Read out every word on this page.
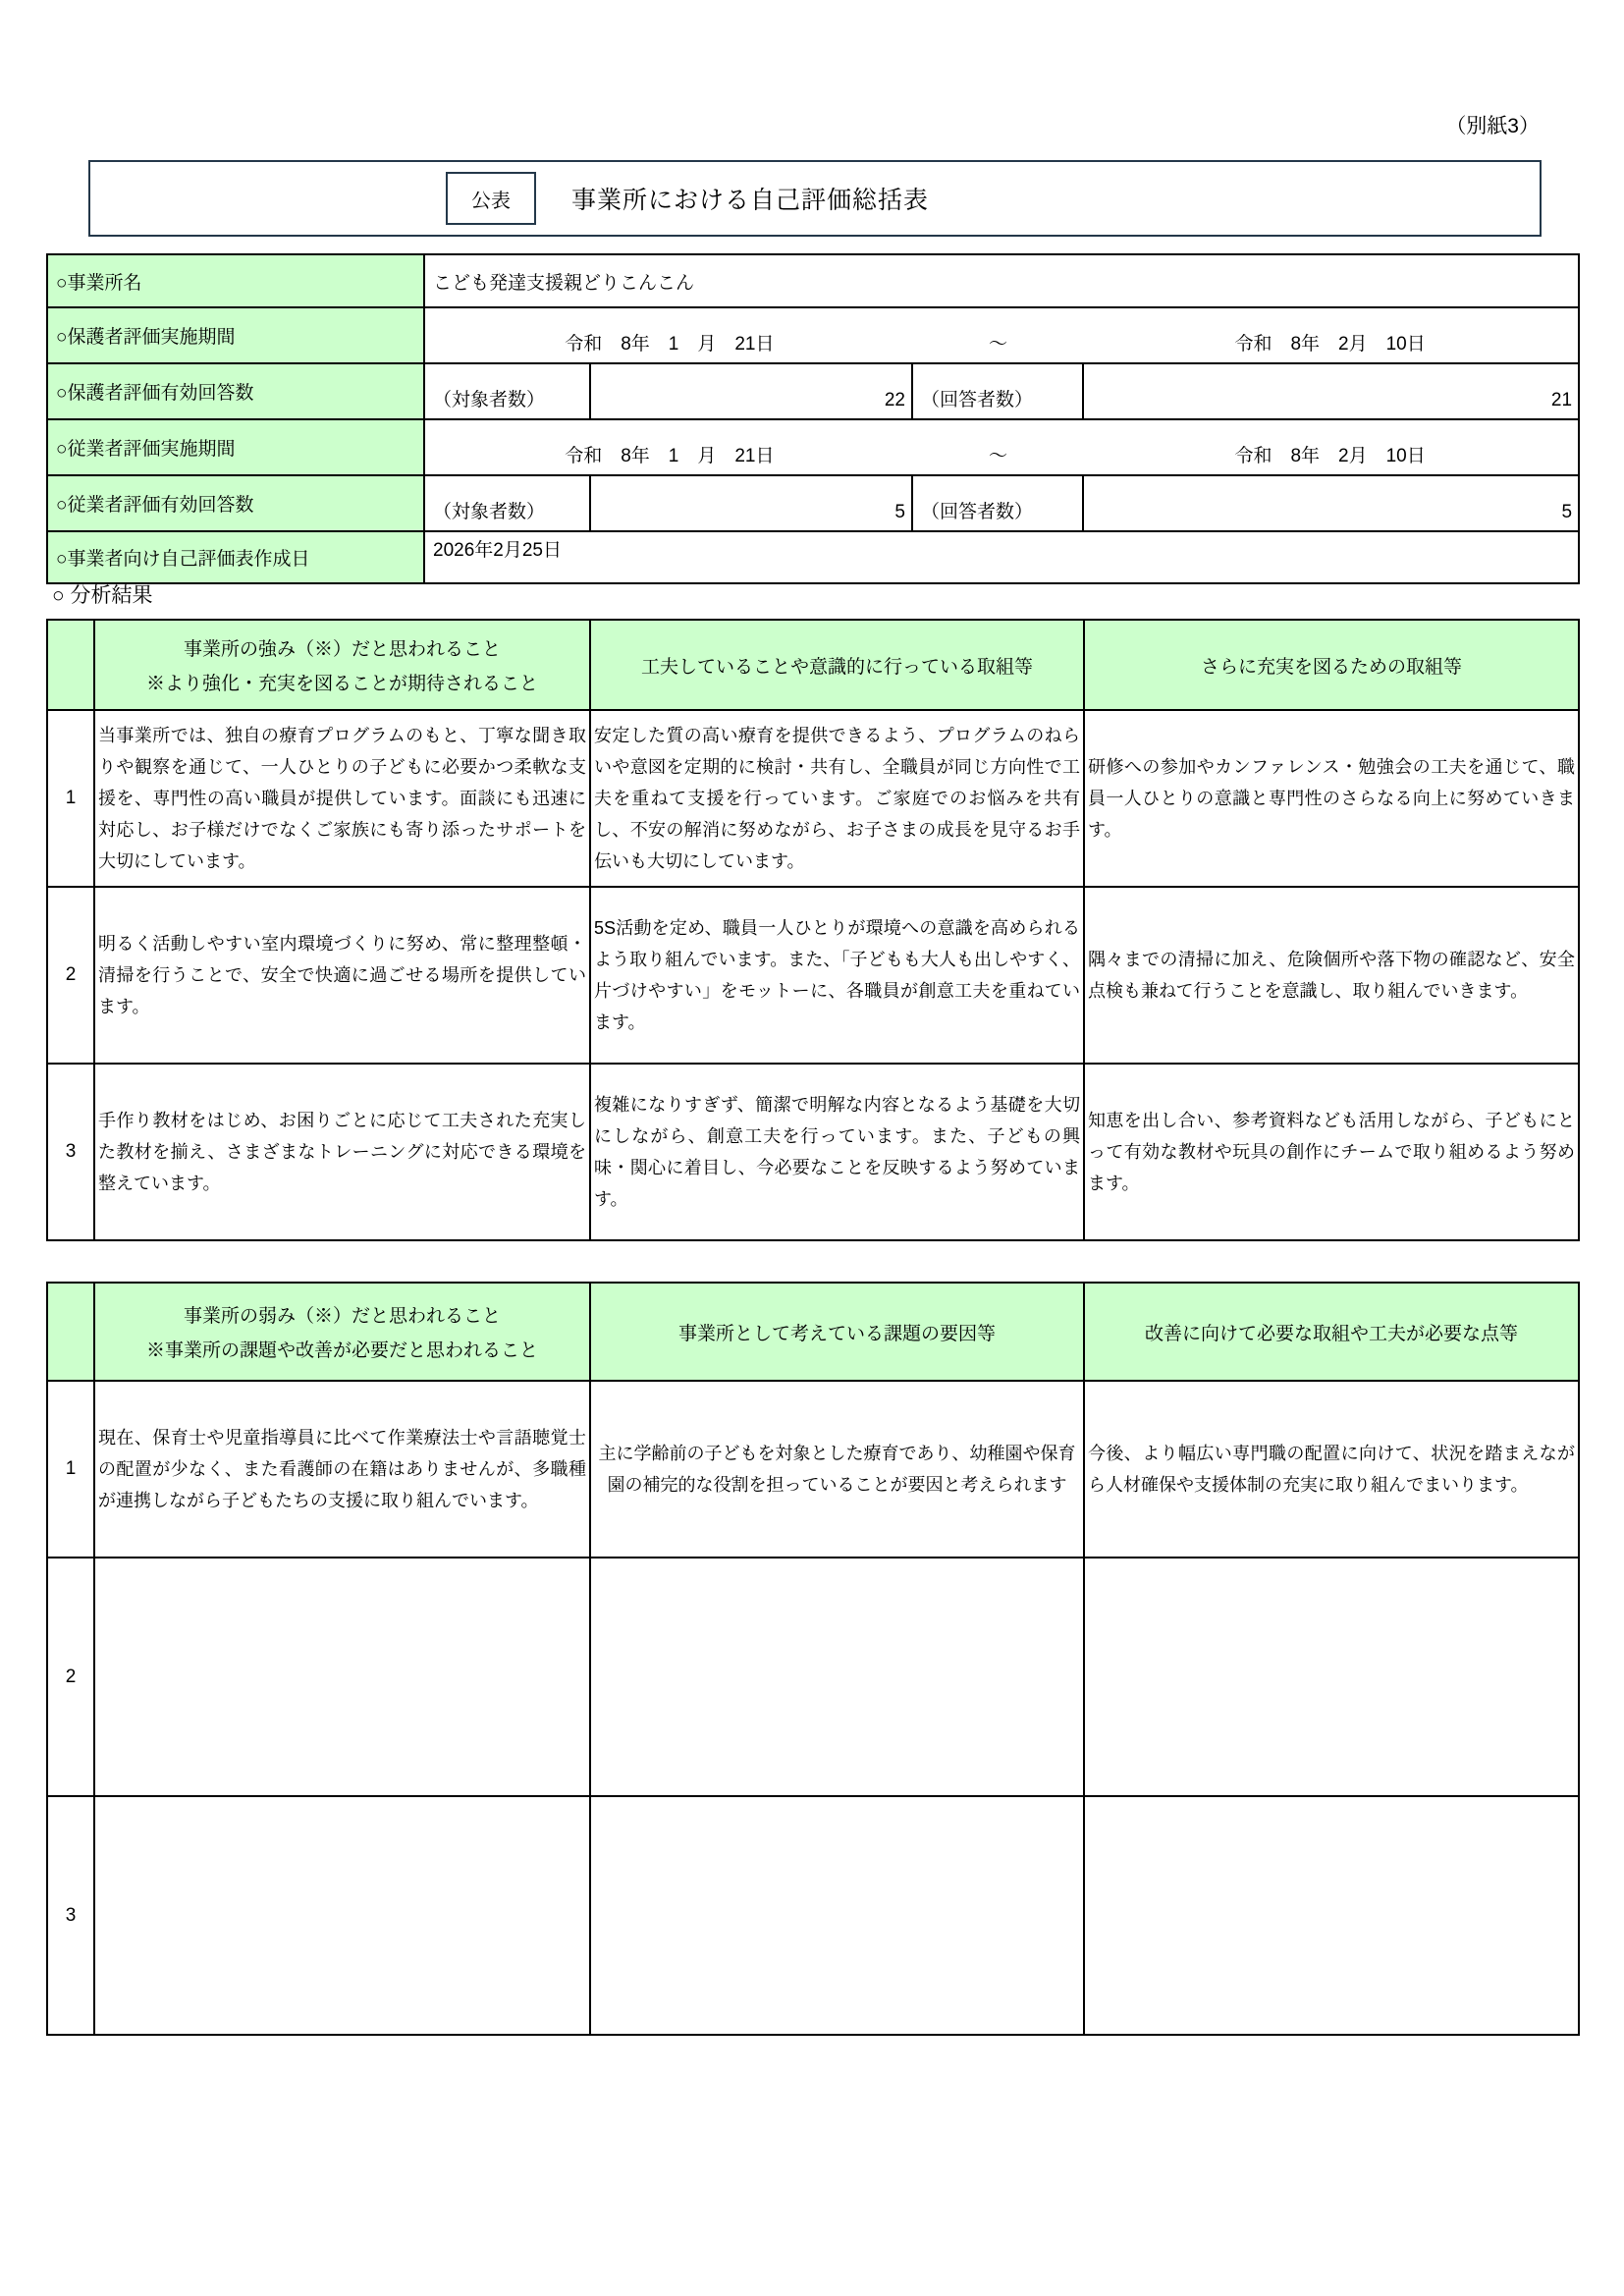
（別紙3）
公表	事業所における自己評価総括表
○事業所名	こども発達支援親どりこんこん			
○保護者評価実施期間	令和　8年　1　月　21日 ～ 令和　8年　2月　10日			

○保護者評価有効回答数	（対象者数）	22	（回答者数）	21
○従業者評価実施期間	令和　8年　1　月　21日 ～ 令和　8年　2月　10日			

○従業者評価有効回答数	（対象者数）	5	（回答者数）	5
○事業者向け自己評価表作成日	2026年2月25日			
○ 分析結果

	事業所の強み（※）だと思われること
※より強化・充実を図ることが期待されること	工夫していることや意識的に行っている取組等	さらに充実を図るための取組等
1	当事業所では、独自の療育プログラムのもと、丁寧な聞き取りや観察を通じて、一人ひとりの子どもに必要かつ柔軟な支援を、専門性の高い職員が提供しています。面談にも迅速に対応し、お子様だけでなくご家族にも寄り添ったサポートを大切にしています。	安定した質の高い療育を提供できるよう、プログラムのねらいや意図を定期的に検討・共有し、全職員が同じ方向性で工夫を重ねて支援を行っています。ご家庭でのお悩みを共有し、不安の解消に努めながら、お子さまの成長を見守るお手伝いも大切にしています。	研修への参加やカンファレンス・勉強会の工夫を通じて、職員一人ひとりの意識と専門性のさらなる向上に努めていきます。
2	明るく活動しやすい室内環境づくりに努め、常に整理整頓・清掃を行うことで、安全で快適に過ごせる場所を提供しています。	5S活動を定め、職員一人ひとりが環境への意識を高められるよう取り組んでいます。また、「子どもも大人も出しやすく、片づけやすい」をモットーに、各職員が創意工夫を重ねています。	隅々までの清掃に加え、危険個所や落下物の確認など、安全点検も兼ねて行うことを意識し、取り組んでいきます。
3	手作り教材をはじめ、お困りごとに応じて工夫された充実した教材を揃え、さまざまなトレーニングに対応できる環境を整えています。	複雑になりすぎず、簡潔で明解な内容となるよう基礎を大切にしながら、創意工夫を行っています。また、子どもの興味・関心に着目し、今必要なことを反映するよう努めています。	知恵を出し合い、参考資料なども活用しながら、子どもにとって有効な教材や玩具の創作にチームで取り組めるよう努めます。

	事業所の弱み（※）だと思われること
※事業所の課題や改善が必要だと思われること	事業所として考えている課題の要因等	改善に向けて必要な取組や工夫が必要な点等
1	現在、保育士や児童指導員に比べて作業療法士や言語聴覚士の配置が少なく、また看護師の在籍はありませんが、多職種が連携しながら子どもたちの支援に取り組んでいます。	主に学齢前の子どもを対象とした療育であり、幼稚園や保育園の補完的な役割を担っていることが要因と考えられます	今後、より幅広い専門職の配置に向けて、状況を踏まえながら人材確保や支援体制の充実に取り組んでまいります。
2			
3			
